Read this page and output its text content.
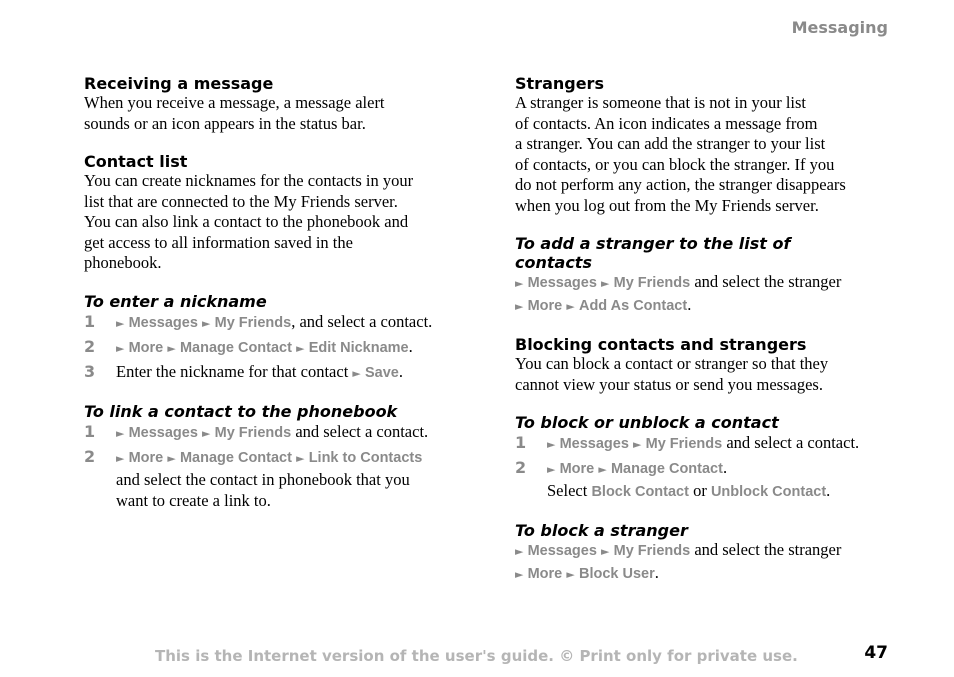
Messaging
Receiving a message
When you receive a message, a message alert
sounds or an icon appears in the status bar.
Contact list
You can create nicknames for the contacts in your
list that are connected to the My Friends server.
You can also link a contact to the phonebook and
get access to all information saved in the
phonebook.
To enter a nickname
1 ► Messages ► My Friends, and select a contact.
2 ► More ► Manage Contact ► Edit Nickname.
3 Enter the nickname for that contact ► Save.
To link a contact to the phonebook
1 ► Messages ► My Friends and select a contact.
2 ► More ► Manage Contact ► Link to Contacts
and select the contact in phonebook that you
want to create a link to.
Strangers
A stranger is someone that is not in your list
of contacts. An icon indicates a message from
a stranger. You can add the stranger to your list
of contacts, or you can block the stranger. If you
do not perform any action, the stranger disappears
when you log out from the My Friends server.
To add a stranger to the list of
contacts
► Messages ► My Friends and select the stranger
► More ► Add As Contact.
Blocking contacts and strangers
You can block a contact or stranger so that they
cannot view your status or send you messages.
To block or unblock a contact
1 ► Messages ► My Friends and select a contact.
2 ► More ► Manage Contact.
Select Block Contact or Unblock Contact.
To block a stranger
► Messages ► My Friends and select the stranger
► More ► Block User.
This is the Internet version of the user's guide. © Print only for private use.	47
